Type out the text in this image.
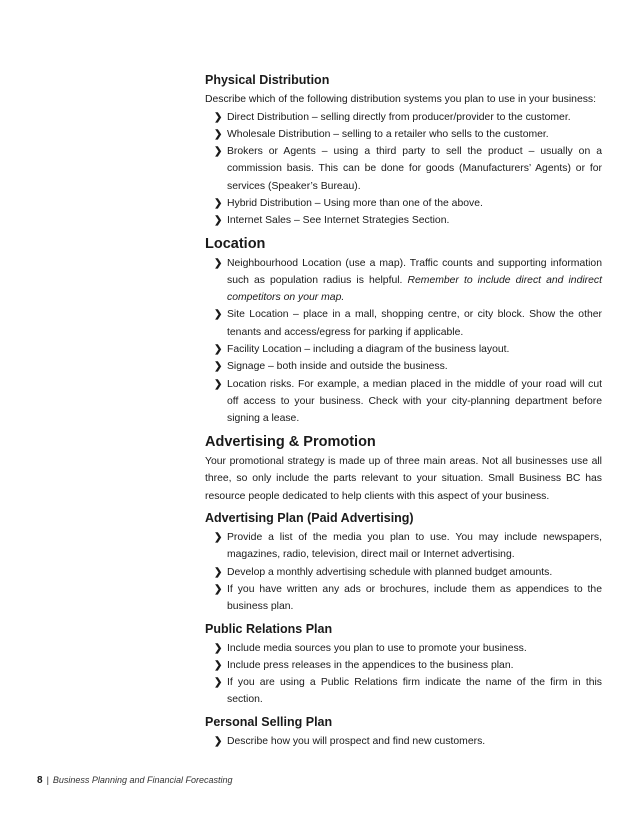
Physical Distribution

Describe which of the following distribution systems you plan to use in your business:

❯ Direct Distribution – selling directly from producer/provider to the customer.
❯ Wholesale Distribution – selling to a retailer who sells to the customer.
❯ Brokers or Agents – using a third party to sell the product – usually on a commission basis. This can be done for goods (Manufacturers’ Agents) or for services (Speaker’s Bureau).
❯ Hybrid Distribution – Using more than one of the above.
❯ Internet Sales – See Internet Strategies Section.
Location
❯ Neighbourhood Location (use a map). Traffic counts and supporting information such as population radius is helpful. Remember to include direct and indirect competitors on your map.
❯ Site Location – place in a mall, shopping centre, or city block. Show the other tenants and access/egress for parking if applicable.
❯ Facility Location – including a diagram of the business layout.
❯ Signage – both inside and outside the business.
❯ Location risks. For example, a median placed in the middle of your road will cut off access to your business. Check with your city-planning department before signing a lease.
Advertising & Promotion

Your promotional strategy is made up of three main areas. Not all businesses use all three, so only include the parts relevant to your situation. Small Business BC has resource people dedicated to help clients with this aspect of your business.

Advertising Plan (Paid Advertising)
❯ Provide a list of the media you plan to use. You may include newspapers, magazines, radio, television, direct mail or Internet advertising.
❯ Develop a monthly advertising schedule with planned budget amounts.
❯ If you have written any ads or brochures, include them as appendices to the business plan.
Public Relations Plan
❯ Include media sources you plan to use to promote your business.
❯ Include press releases in the appendices to the business plan.
❯ If you are using a Public Relations firm indicate the name of the firm in this section.
Personal Selling Plan
❯ Describe how you will prospect and find new customers.
8 | Business Planning and Financial Forecasting
